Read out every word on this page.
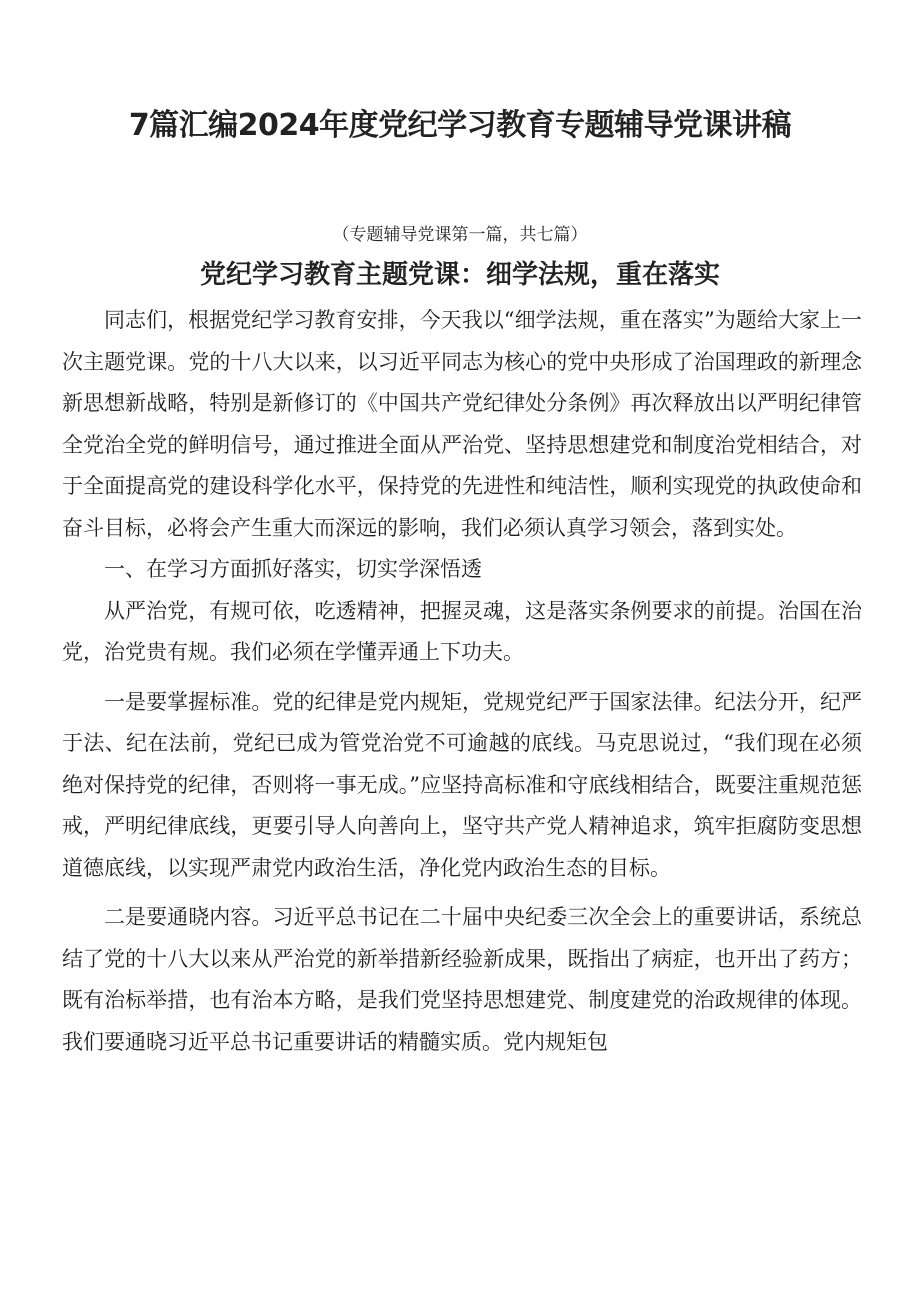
7篇汇编2024年度党纪学习教育专题辅导党课讲稿
（专题辅导党课第一篇，共七篇）
党纪学习教育主题党课：细学法规，重在落实

同志们，根据党纪学习教育安排，今天我以“细学法规，重在落实”为题给大家上一次主题党课。党的十八大以来，以习近平同志为核心的党中央形成了治国理政的新理念新思想新战略，特别是新修订的《中国共产党纪律处分条例》再次释放出以严明纪律管全党治全党的鲜明信号，通过推进全面从严治党、坚持思想建党和制度治党相结合，对于全面提高党的建设科学化水平，保持党的先进性和纯洁性，顺利实现党的执政使命和奋斗目标，必将会产生重大而深远的影响，我们必须认真学习领会，落到实处。

一、在学习方面抓好落实，切实学深悟透

从严治党，有规可依，吃透精神，把握灵魂，这是落实条例要求的前提。治国在治党，治党贵有规。我们必须在学懂弄通上下功夫。

一是要掌握标准。党的纪律是党内规矩，党规党纪严于国家法律。纪法分开，纪严于法、纪在法前，党纪已成为管党治党不可逾越的底线。马克思说过，“我们现在必须绝对保持党的纪律，否则将一事无成。”应坚持高标准和守底线相结合，既要注重规范惩戒，严明纪律底线，更要引导人向善向上，坚守共产党人精神追求，筑牢拒腐防变思想道德底线，以实现严肃党内政治生活，净化党内政治生态的目标。

二是要通晓内容。习近平总书记在二十届中央纪委三次全会上的重要讲话，系统总结了党的十八大以来从严治党的新举措新经验新成果，既指出了病症，也开出了药方；既有治标举措，也有治本方略，是我们党坚持思想建党、制度建党的治政规律的体现。我们要通晓习近平总书记重要讲话的精髓实质。党内规矩包
